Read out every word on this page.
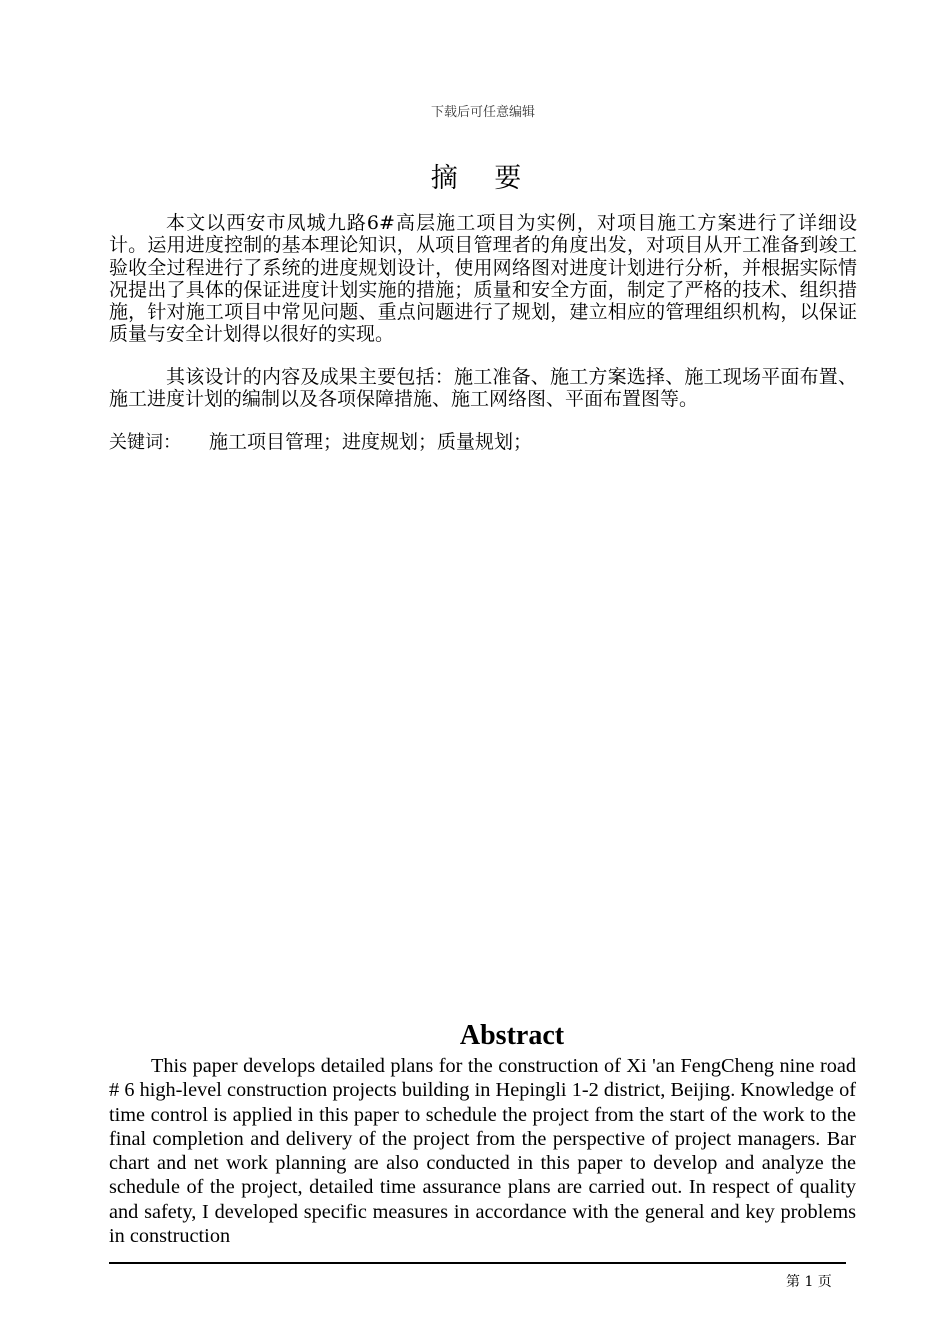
下载后可任意编辑
摘 要

本文以西安市凤城九路6#高层施工项目为实例，对项目施工方案进行了详细设计。运用进度控制的基本理论知识，从项目管理者的角度出发，对项目从开工准备到竣工验收全过程进行了系统的进度规划设计，使用网络图对进度计划进行分析，并根据实际情况提出了具体的保证进度计划实施的措施；质量和安全方面，制定了严格的技术、组织措施，针对施工项目中常见问题、重点问题进行了规划，建立相应的管理组织机构，以保证质量与安全计划得以很好的实现。

其该设计的内容及成果主要包括：施工准备、施工方案选择、施工现场平面布置、施工进度计划的编制以及各项保障措施、施工网络图、平面布置图等。

关键词： 施工项目管理；进度规划；质量规划；
Abstract

This paper develops detailed plans for the construction of Xi 'an FengCheng nine road # 6 high-level construction projects building in Hepingli 1-2 district, Beijing. Knowledge of time control is applied in this paper to schedule the project from the start of the work to the final completion and delivery of the project from the perspective of project managers. Bar chart and net work planning are also conducted in this paper to develop and analyze the schedule of the project, detailed time assurance plans are carried out. In respect of quality and safety, I developed specific measures in accordance with the general and key problems in construction

第 1 页
